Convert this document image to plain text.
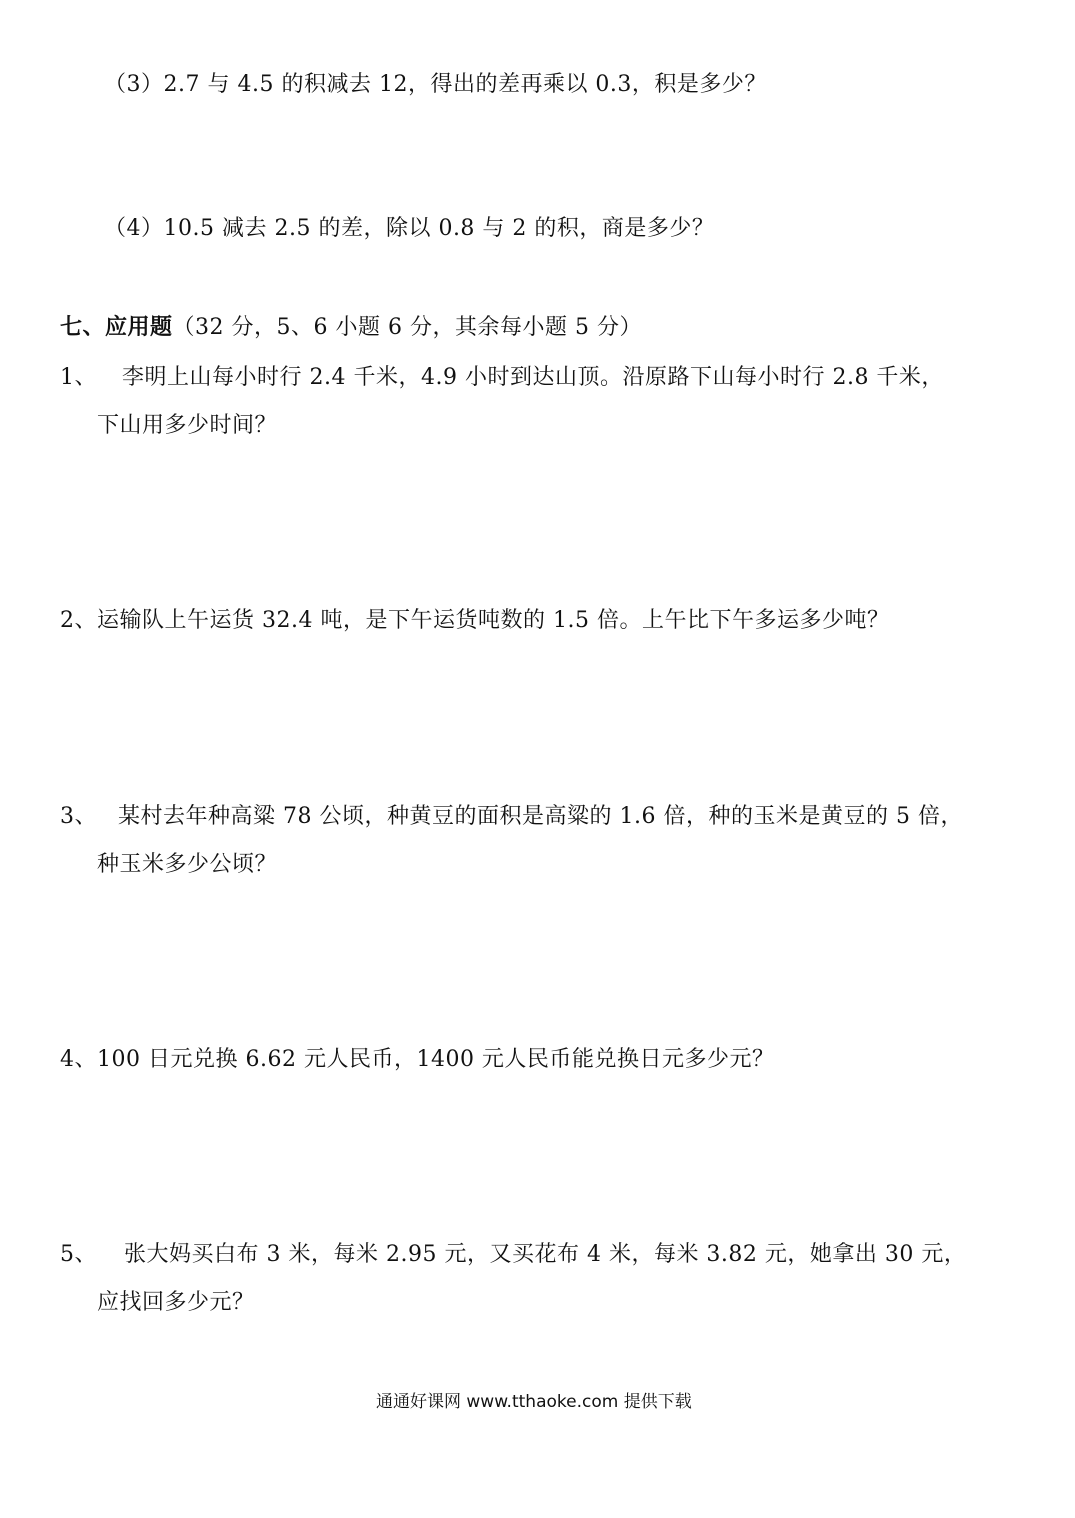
（3）2.7 与 4.5 的积减去 12，得出的差再乘以 0.3，积是多少？
（4）10.5 减去 2.5 的差，除以 0.8 与 2 的积，商是多少？
七、应用题（32 分，5、6 小题 6 分，其余每小题 5 分）
1、 李明上山每小时行 2.4 千米，4.9 小时到达山顶。沿原路下山每小时行 2.8 千米，
下山用多少时间？
2、运输队上午运货 32.4 吨，是下午运货吨数的 1.5 倍。上午比下午多运多少吨？
3、 某村去年种高粱 78 公顷，种黄豆的面积是高粱的 1.6 倍，种的玉米是黄豆的 5 倍，
种玉米多少公顷？
4、100 日元兑换 6.62 元人民币，1400 元人民币能兑换日元多少元？
5、 张大妈买白布 3 米，每米 2.95 元，又买花布 4 米，每米 3.82 元，她拿出 30 元，
应找回多少元？
通通好课网 www.tthaoke.com 提供下载
